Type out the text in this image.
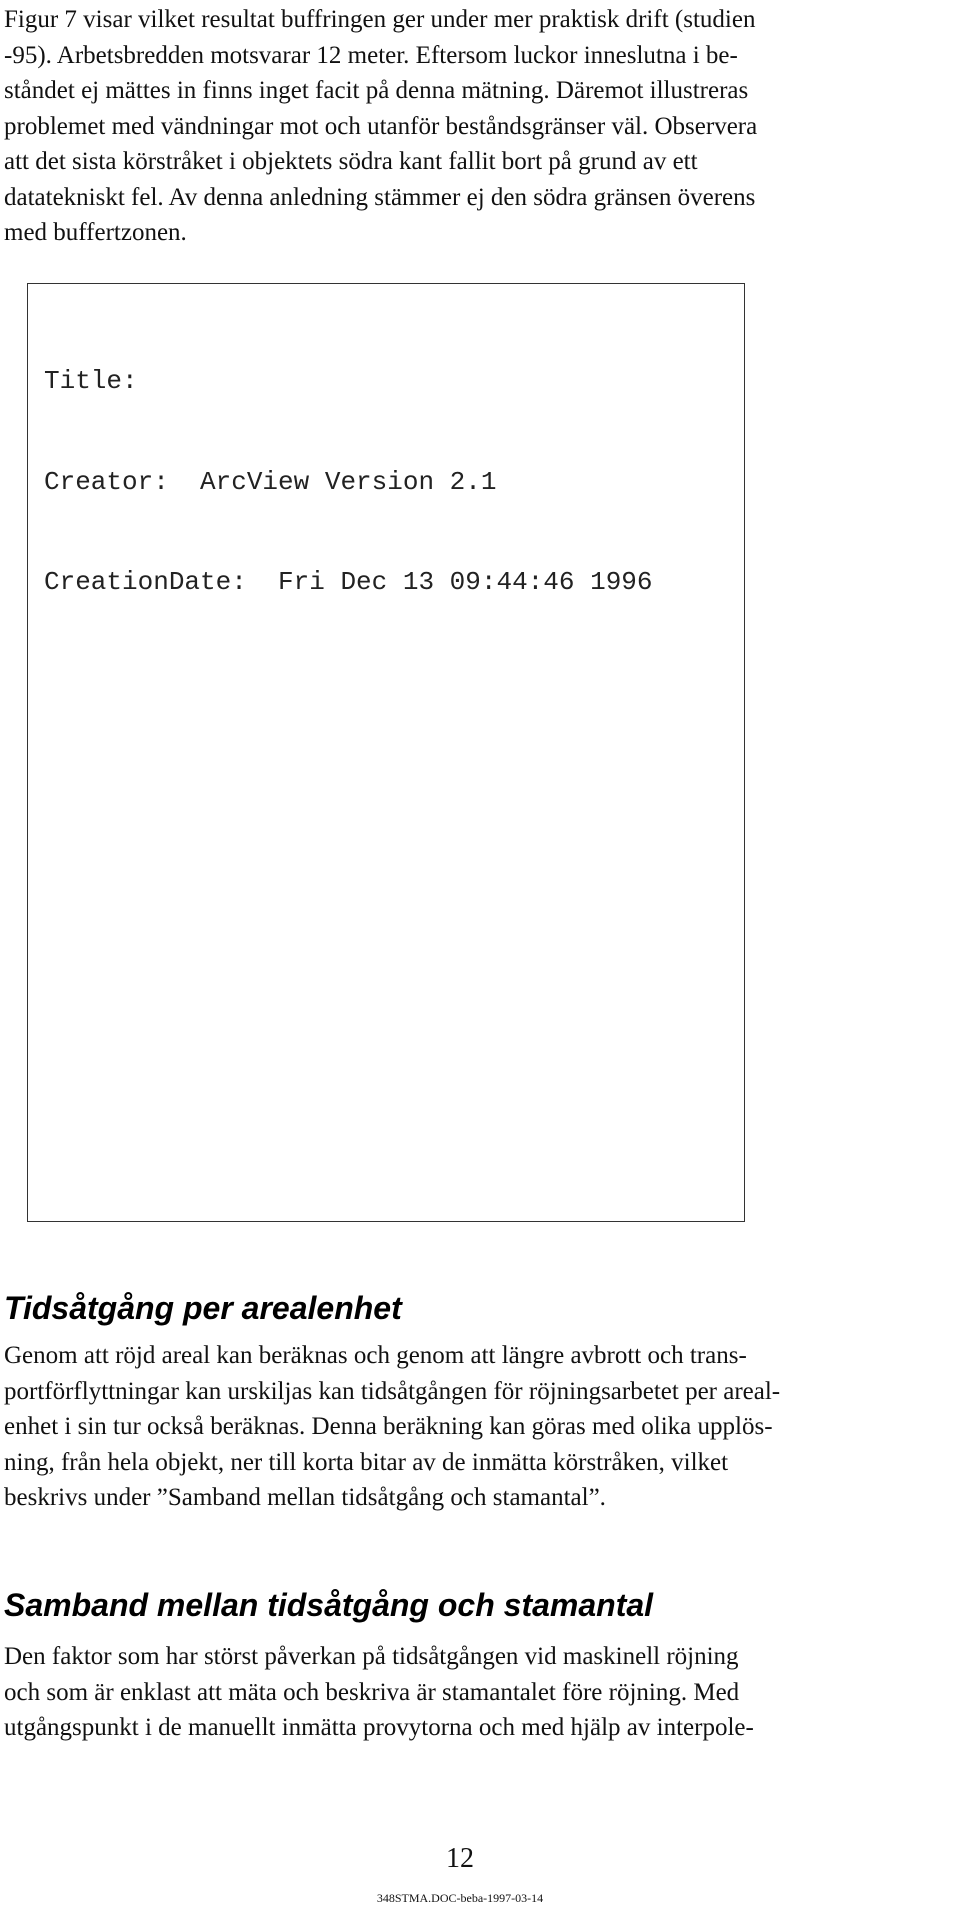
Figur 7 visar vilket resultat buffringen ger under mer praktisk drift (studien
-95). Arbetsbredden motsvarar 12 meter. Eftersom luckor inneslutna i be-
ståndet ej mättes in finns inget facit på denna mätning. Däremot illustreras
problemet med vändningar mot och utanför beståndsgränser väl. Observera
att det sista körstråket i objektets södra kant fallit bort på grund av ett
datatekniskt fel. Av denna anledning stämmer ej den södra gränsen överens
med buffertzonen.

Title:

Creator:  ArcView Version 2.1

CreationDate:  Fri Dec 13 09:44:46 1996

Tidsåtgång per arealenhet
Genom att röjd areal kan beräknas och genom att längre avbrott och trans-
portförflyttningar kan urskiljas kan tidsåtgången för röjningsarbetet per areal-
enhet i sin tur också beräknas. Denna beräkning kan göras med olika upplös-
ning, från hela objekt, ner till korta bitar av de inmätta körstråken, vilket
beskrivs under ”Samband mellan tidsåtgång och stamantal”.
Samband mellan tidsåtgång och stamantal
Den faktor som har störst påverkan på tidsåtgången vid maskinell röjning
och som är enklast att mäta och beskriva är stamantalet före röjning. Med
utgångspunkt i de manuellt inmätta provytorna och med hjälp av interpole-
12
348STMA.DOC-beba-1997-03-14
